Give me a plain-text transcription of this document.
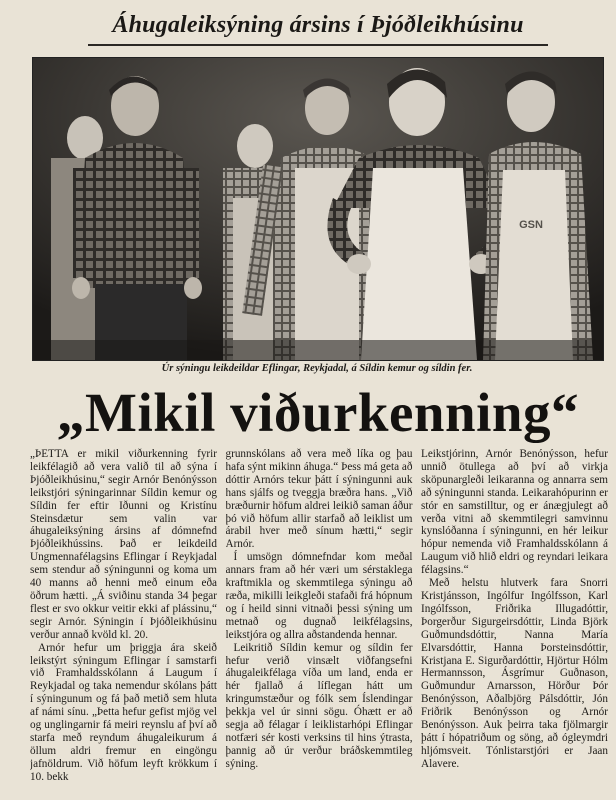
Áhugaleiksýning ársins í Þjóðleikhúsinu
GSN
Úr sýningu leikdeildar Eflingar, Reykjadal, á Síldin kemur og síldin fer.
„Mikil viðurkenning“

„ÞETTA er mikil viðurkenning fyrir leikfélagið að vera valið til að sýna í Þjóðleikhúsinu,“ segir Arnór Benónýsson leikstjóri sýningarinnar Síldin kemur og Síldin fer eftir Iðunni og Kristínu Steinsdætur sem valin var áhugaleiksýning ársins af dómnefnd Þjóðleikhússins. Það er leikdeild Ungmennafélagsins Eflingar í Reykjadal sem stendur að sýningunni og koma um 40 manns að henni með einum eða öðrum hætti. „Á sviðinu standa 34 þegar flest er svo okkur veitir ekki af plássinu,“ segir Arnór. Sýningin í Þjóðleikhúsinu verður annað kvöld kl. 20.

Arnór hefur um þriggja ára skeið leikstýrt sýningum Eflingar í samstarfi við Framhaldsskólann á Laugum í Reykjadal og taka nemendur skólans þátt í sýningunum og fá það metið sem hluta af námi sínu. „Þetta hefur gefist mjög vel og unglingarnir fá meiri reynslu af því að starfa með reyndum áhugaleikurum á öllum aldri fremur en eingöngu jafnöldrum. Við höfum leyft krökkum í 10. bekk

grunnskólans að vera með líka og þau hafa sýnt mikinn áhuga.“ Þess má geta að dóttir Arnórs tekur þátt í sýningunni auk hans sjálfs og tveggja bræðra hans. „Við bræðurnir höfum aldrei leikið saman áður þó við höfum allir starfað að leiklist um árabil hver með sínum hætti,“ segir Arnór.

Í umsögn dómnefndar kom meðal annars fram að hér væri um sérstaklega kraftmikla og skemmtilega sýningu að ræða, mikilli leikgleði stafaði frá hópnum og í heild sinni vitnaði þessi sýning um metnað og dugnað leikfélagsins, leikstjóra og allra aðstandenda hennar.

Leikritið Síldin kemur og síldin fer hefur verið vinsælt viðfangsefni áhugaleikfélaga víða um land, enda er hér fjallað á líflegan hátt um kringumstæður og fólk sem Íslendingar þekkja vel úr sinni sögu. Óhætt er að segja að félagar í leiklistarhópi Eflingar notfæri sér kosti verksins til hins ýtrasta, þannig að úr verður bráðskemmtileg sýning.

Leikstjórinn, Arnór Benónýsson, hefur unnið ötullega að því að virkja sköpunargleði leikaranna og annarra sem að sýningunni standa. Leikarahópurinn er stór en samstilltur, og er ánægjulegt að verða vitni að skemmtilegri samvinnu kynslóðanna í sýningunni, en hér leikur hópur nemenda við Framhaldsskólann á Laugum við hlið eldri og reyndari leikara félagsins.“

Með helstu hlutverk fara Snorri Kristjánsson, Ingólfur Ingólfsson, Karl Ingólfsson, Friðrika Illugadóttir, Þorgerður Sigurgeirsdóttir, Linda Björk Guðmundsdóttir, Nanna María Elvarsdóttir, Hanna Þorsteinsdóttir, Kristjana E. Sigurðardóttir, Hjörtur Hólm Hermannsson, Ásgrímur Guðnason, Guðmundur Arnarsson, Hörður Þór Benónýsson, Aðalbjörg Pálsdóttir, Jón Friðrik Benónýsson og Arnór Benónýsson. Auk þeirra taka fjölmargir þátt í hópatriðum og söng, að ógleymdri hljómsveit. Tónlistarstjóri er Jaan Alavere.
